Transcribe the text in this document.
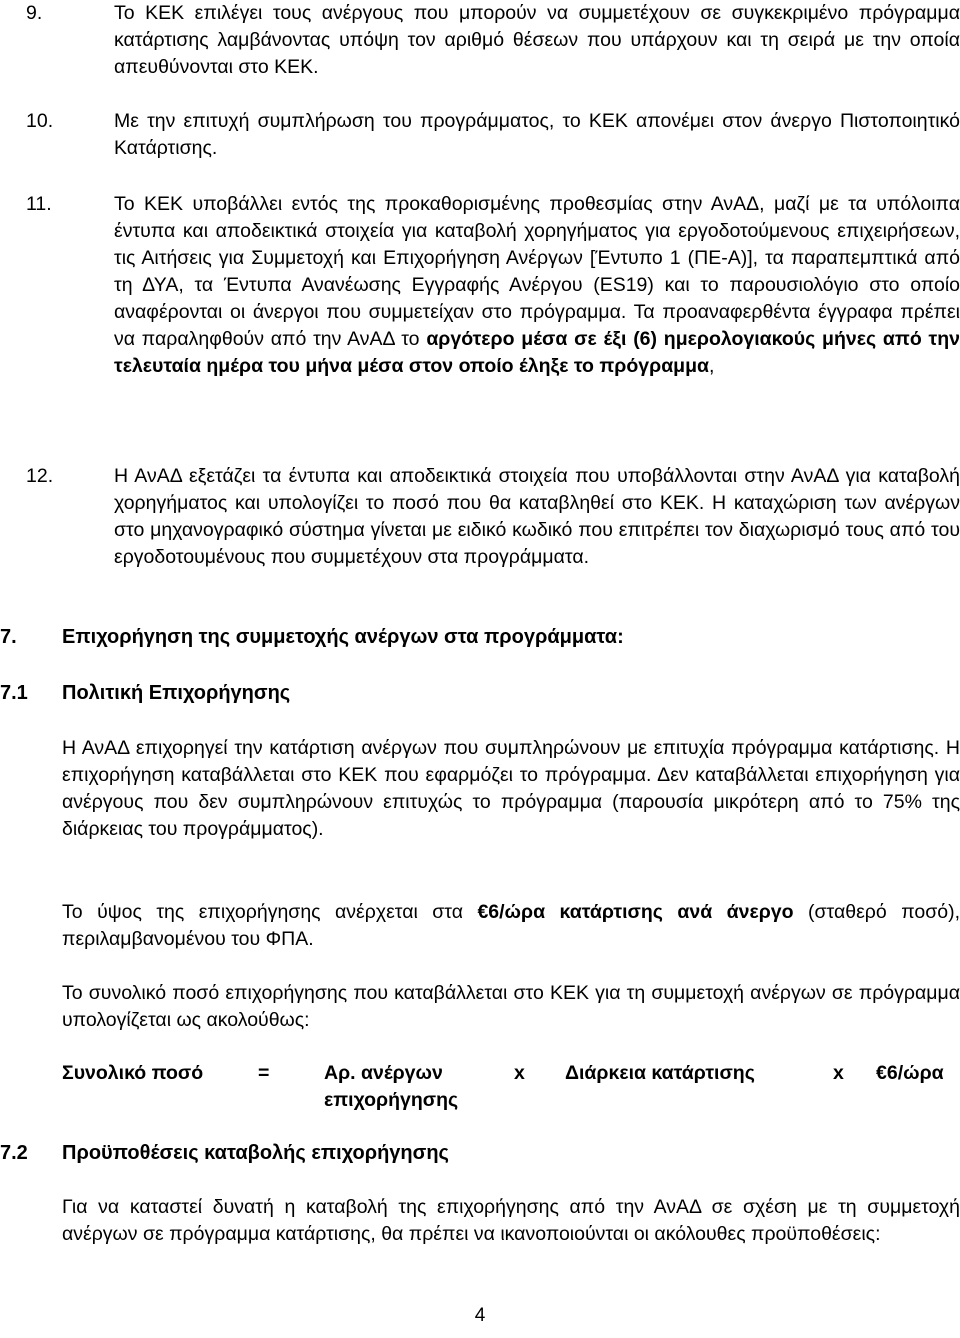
9.	Το ΚΕΚ επιλέγει τους ανέργους που μπορούν να συμμετέχουν σε συγκεκριμένο πρόγραμμα κατάρτισης λαμβάνοντας υπόψη τον αριθμό θέσεων που υπάρχουν και τη σειρά με την οποία απευθύνονται στο ΚΕΚ.
10.	Με την επιτυχή συμπλήρωση του προγράμματος, το ΚΕΚ απονέμει στον άνεργο Πιστοποιητικό Κατάρτισης.
11.	Το ΚΕΚ υποβάλλει εντός της προκαθορισμένης προθεσμίας στην ΑνΑΔ, μαζί με τα υπόλοιπα έντυπα και αποδεικτικά στοιχεία για καταβολή χορηγήματος για εργοδοτούμενους επιχειρήσεων, τις Αιτήσεις για Συμμετοχή και Επιχορήγηση Ανέργων [Έντυπο 1 (ΠΕ-Α)], τα παραπεμπτικά από τη ΔΥΑ, τα Έντυπα Ανανέωσης Εγγραφής Ανέργου (ES19) και το παρουσιολόγιο στο οποίο αναφέρονται οι άνεργοι που συμμετείχαν στο πρόγραμμα. Τα προαναφερθέντα έγγραφα πρέπει να παραληφθούν από την ΑνΑΔ το αργότερο μέσα σε έξι (6) ημερολογιακούς μήνες από την τελευταία ημέρα του μήνα μέσα στον οποίο έληξε το πρόγραμμα,
12.	Η ΑνΑΔ εξετάζει τα έντυπα και αποδεικτικά στοιχεία που υποβάλλονται στην ΑνΑΔ για καταβολή χορηγήματος και υπολογίζει το ποσό που θα καταβληθεί στο ΚΕΚ. Η καταχώριση των ανέργων στο μηχανογραφικό σύστημα γίνεται με ειδικό κωδικό που επιτρέπει τον διαχωρισμό τους από του εργοδοτουμένους που συμμετέχουν στα προγράμματα.
7. Επιχορήγηση της συμμετοχής ανέργων στα προγράμματα:
7.1 Πολιτική Επιχορήγησης
Η ΑνΑΔ επιχορηγεί την κατάρτιση ανέργων που συμπληρώνουν με επιτυχία πρόγραμμα κατάρτισης. Η επιχορήγηση καταβάλλεται στο ΚΕΚ που εφαρμόζει το πρόγραμμα. Δεν καταβάλλεται επιχορήγηση για ανέργους που δεν συμπληρώνουν επιτυχώς το πρόγραμμα (παρουσία μικρότερη από το 75% της διάρκειας του προγράμματος).
Το ύψος της επιχορήγησης ανέρχεται στα €6/ώρα κατάρτισης ανά άνεργο (σταθερό ποσό), περιλαμβανομένου του ΦΠΑ.
Το συνολικό ποσό επιχορήγησης που καταβάλλεται στο ΚΕΚ για τη συμμετοχή ανέργων σε πρόγραμμα υπολογίζεται ως ακολούθως:
Συνολικό ποσό	=	Αρ. ανέργων
επιχορήγησης
x Διάρκεια κατάρτισης	x €6/ώρα
7.2 Προϋποθέσεις καταβολής επιχορήγησης
Για να καταστεί δυνατή η καταβολή της επιχορήγησης από την ΑνΑΔ σε σχέση με τη συμμετοχή ανέργων σε πρόγραμμα κατάρτισης, θα πρέπει να ικανοποιούνται οι ακόλουθες προϋποθέσεις:
4
